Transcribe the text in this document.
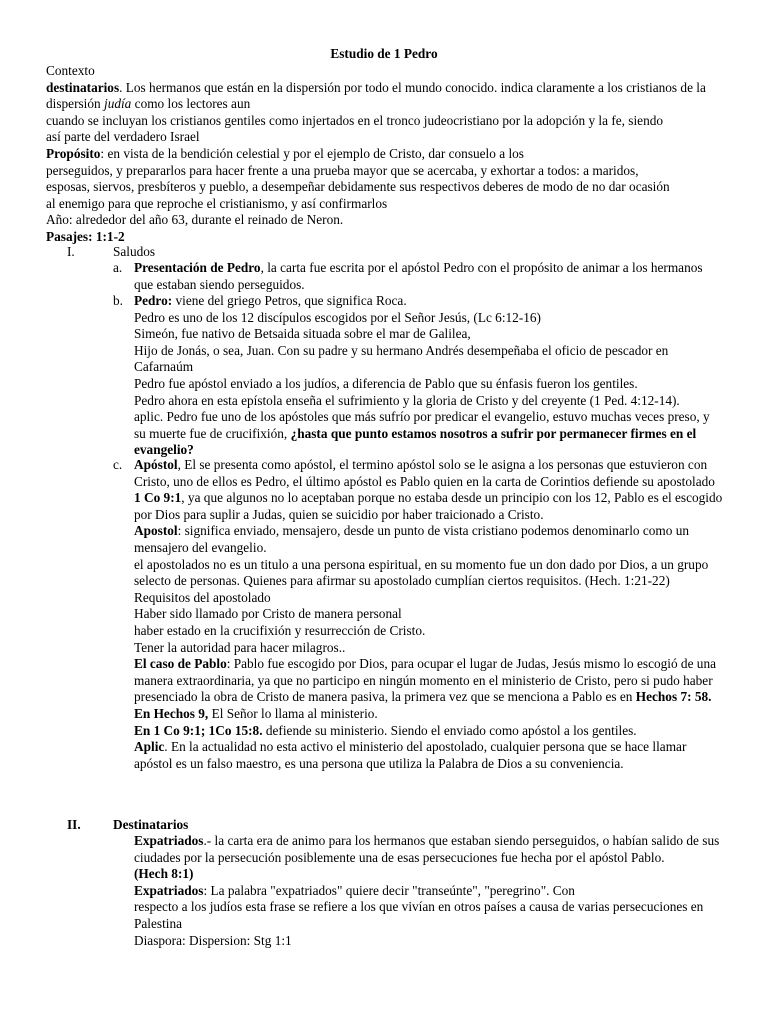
Estudio de 1 Pedro

Contexto

destinatarios. Los hermanos que están en la dispersión por todo el mundo conocido. indica claramente a los cristianos de la dispersión judía como los lectores aun

cuando se incluyan los cristianos gentiles como injertados en el tronco judeocristiano por la adopción y la fe, siendo

así parte del verdadero Israel

Propósito: en vista de la bendición celestial y por el ejemplo de Cristo, dar consuelo a los

perseguidos, y prepararlos para hacer frente a una prueba mayor que se acercaba, y exhortar a todos: a maridos,

esposas, siervos, presbíteros y pueblo, a desempeñar debidamente sus respectivos deberes de modo de no dar ocasión

al enemigo para que reproche el cristianismo, y así confirmarlos

Año: alrededor del año 63, durante el reinado de Neron.

Pasajes: 1:1-2

I.	Saludos
a. Presentación de Pedro, la carta fue escrita por el apóstol Pedro con el propósito de animar a los hermanos que estaban siendo perseguidos.

b. Pedro: viene del griego Petros, que significa Roca.

Pedro es uno de los 12 discípulos escogidos por el Señor Jesús, (Lc 6:12-16)

Simeón, fue nativo de Betsaida situada sobre el mar de Galilea,

Hijo de Jonás, o sea, Juan. Con su padre y su hermano Andrés desempeñaba el oficio de pescador en Cafarnaúm

Pedro fue apóstol enviado a los judíos, a diferencia de Pablo que su énfasis fueron los gentiles.

Pedro ahora en esta epístola enseña el sufrimiento y la gloria de Cristo y del creyente (1 Ped. 4:12-14).

aplic. Pedro fue uno de los apóstoles que más sufrío por predicar el evangelio, estuvo muchas veces preso, y su muerte fue de crucifixión, ¿hasta que punto estamos nosotros a sufrir por permanecer firmes en el evangelio?

c. Apóstol, El se presenta como apóstol, el termino apóstol solo se le asigna a los personas que estuvieron con Cristo, uno de ellos es Pedro, el último apóstol es Pablo quien en la carta de Corintios defiende su apostolado 1 Co 9:1, ya que algunos no lo aceptaban porque no estaba desde un principio con los 12, Pablo es el escogido por Dios para suplir a Judas, quien se suicidio por haber traicionado a Cristo.

Apostol: significa enviado, mensajero, desde un punto de vista cristiano podemos denominarlo como un mensajero del evangelio.

el apostolados no es un titulo a una persona espiritual, en su momento fue un don dado por Dios, a un grupo selecto de personas. Quienes para afirmar su apostolado cumplían ciertos requisitos. (Hech. 1:21-22)

Requisitos del apostolado

Haber sido llamado por Cristo de manera personal

haber estado en la crucifixión y resurrección de Cristo.

Tener la autoridad para hacer milagros..

El caso de Pablo: Pablo fue escogido por Dios, para ocupar el lugar de Judas, Jesús mismo lo escogió de una manera extraordinaria, ya que no participo en ningún momento en el ministerio de Cristo, pero si pudo haber presenciado la obra de Cristo de manera pasiva, la primera vez que se menciona a Pablo es en Hechos 7: 58.

En Hechos 9, El Señor lo llama al ministerio.

En 1 Co 9:1; 1Co 15:8. defiende su ministerio. Siendo el enviado como apóstol a los gentiles.

Aplic. En la actualidad no esta activo el ministerio del apostolado, cualquier persona que se hace llamar apóstol es un falso maestro, es una persona que utiliza la Palabra de Dios a su conveniencia.

II. Destinatarios

Expatriados.- la carta era de animo para los hermanos que estaban siendo perseguidos, o habían salido de sus ciudades por la persecución posiblemente una de esas persecuciones fue hecha por el apóstol Pablo.

(Hech 8:1)

Expatriados: La palabra "expatriados" quiere decir "transeúnte", "peregrino". Con

respecto a los judíos esta frase se refiere a los que vivían en otros países a causa de varias persecuciones en Palestina

Diaspora: Dispersion: Stg 1:1
